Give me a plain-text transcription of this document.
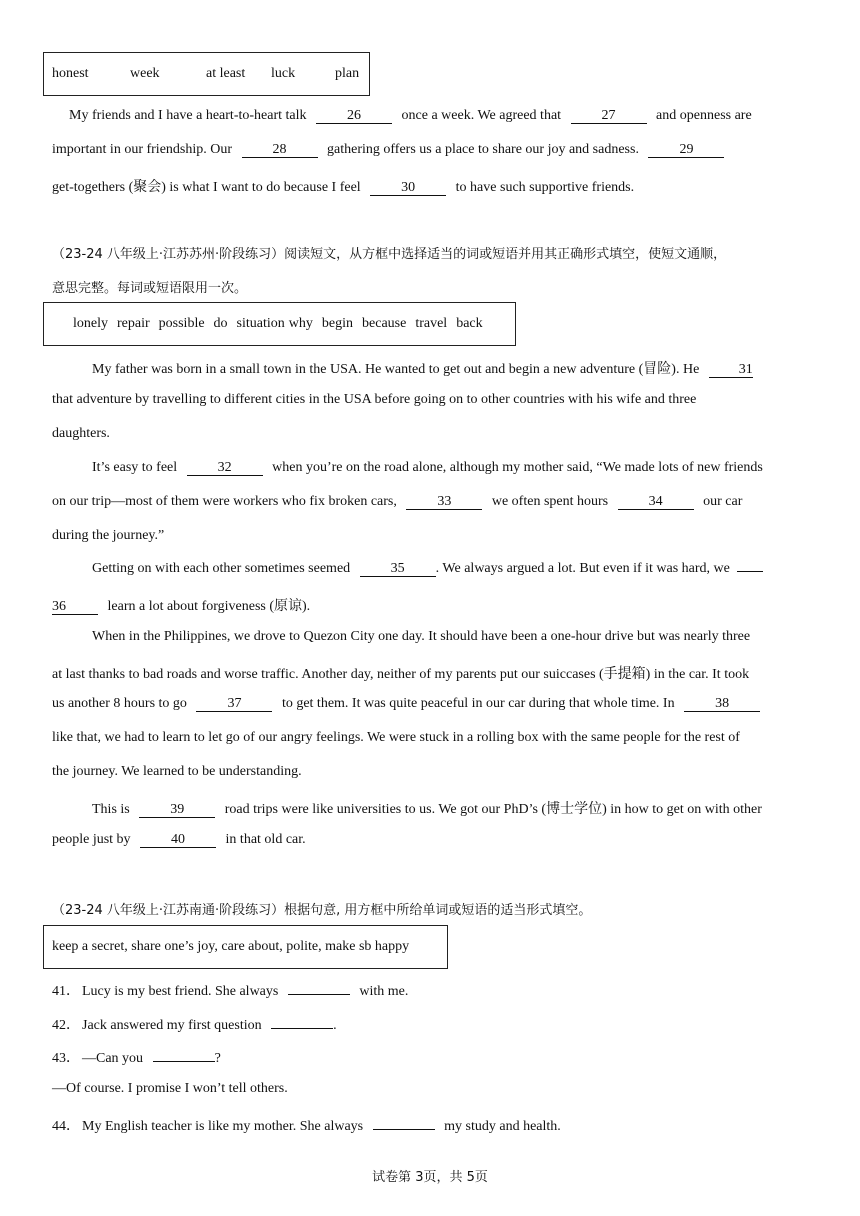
honest	week	at least luck	plan
My friends and I have a heart-to-heart talk	26	once a week. We agreed that	27	and openness are
important in our friendship. Our	28	gathering offers us a place to share our joy and sadness.	29
get-togethers (聚会) is what I want to do because I feel	30	to have such supportive friends.
（23-24 八年级上·江苏苏州·阶段练习）阅读短文，从方框中选择适当的词或短语并用其正确形式填空，使短文通顺，
意思完整。每词或短语限用一次。
lonely repair possible do situation why begin because travel back
My father was born in a small town in the USA. He wanted to get out and begin a new adventure (冒险). He	31
that adventure by travelling to different cities in the USA before going on to other countries with his wife and three
daughters.
It’s easy to feel	32	when you’re on the road alone, although my mother said, “We made lots of new friends
on our trip—most of them were workers who fix broken cars,	33	we often spent hours	34	our car
during the journey.”
Getting on with each other sometimes seemed	35 . We always argued a lot. But even if it was hard, we
36	learn a lot about forgiveness (原谅).
When in the Philippines, we drove to Quezon City one day. It should have been a one-hour drive but was nearly three
at last thanks to bad roads and worse traffic. Another day, neither of my parents put our suiccases (手提箱) in the car. It took
us another 8 hours to go	37	to get them. It was quite peaceful in our car during that whole time. In	38
like that, we had to learn to let go of our angry feelings. We were stuck in a rolling box with the same people for the rest of
the journey. We learned to be understanding.
This is	39	road trips were like universities to us. We got our PhD’s (博士学位) in how to get on with other
people just by	40	in that old car.
（23-24 八年级上·江苏南通·阶段练习）根据句意, 用方框中所给单词或短语的适当形式填空。
keep a secret, share one’s joy, care about, polite, make sb happy
41． Lucy is my best friend. She always	with me.
42． Jack answered my first question	.
43． —Can you	?
—Of course. I promise I won’t tell others.
44． My English teacher is like my mother. She always	my study and health.
试卷第 3页，共 5页
